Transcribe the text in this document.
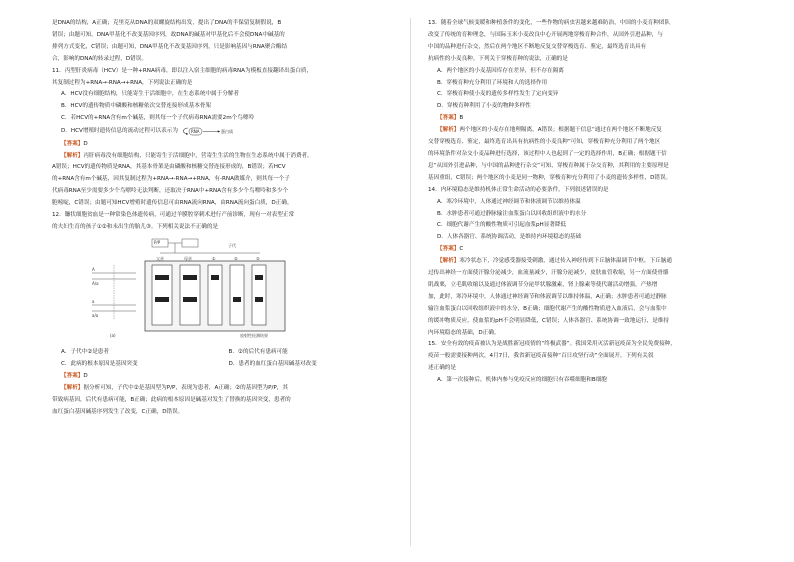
是DNA的结构，A正确；克里克从DNA的双螺旋结构出发，提出了DNA的半保留复制假说，B

错误；由题可知，DNA甲基化不改变基因序列，故DNA的碱基对甲基化后不会使DNA中碱基的

排列方式变化，C错误；由题可知，DNA甲基化不改变基因序列，只是影响基因与RNA聚合酶结

合，影响的DNA的转录过程，D错误。

11．丙型肝炎病毒（HCV）是一种+RNA病毒，即以注入宿主细胞的病毒RNA为模板直接翻译出蛋白质，

其复制过程为+RNA→-RNA→+RNA，下列说法正确的是

A．HCV没有细胞结构，只能寄生于活细胞中，在生态系统中属于分解者

B．HCV的遗传物质中磷酸和核糖依次交替连接形成基本骨架

C．若HCV的+RNA含有m个碱基，则其每一个子代病毒RNA需要2m个鸟嘌呤

D．HCV增殖时遗传信息的流动过程可以表示为	RNA	蛋白质

【答案】D

【解析】丙肝病毒没有细胞结构，只能寄生于活细胞中，营寄生生活的生物在生态系统中属于消费者，

A错误；HCV的遗传物质是RNA，其基本骨架是由磷酸和核糖交替连接形成的，B错误；若HCV

的+RNA含有m个碱基，因其复制过程为+RNA→-RNA→+RNA，有-RNA做媒介，则其每一个子

代病毒RNA至少需要多少个鸟嘌呤无法判断，还取决于RNA中+RNA含有多少个鸟嘌呤和多少个

胞嘧啶，C错误；由题可知HCV增殖时遗传信息可由RNA流向RNA，由RNA流向蛋白质，D正确。

12．镰状细胞贫血是一种常染色体遗传病，可通过羊膜腔穿刺术进行产前诊断，现有一对表型正常

的夫妇生育的孩子①②和未出生的胎儿③。下列相关说法不正确的是

P/P
子代
父亲	母亲	①	②	③
A
a
A/a
a/a
(a)	放射性检测结果
A．子代中②是患者	B．②的后代有患病可能
C．此病的根本原因是基因突变	D．患者的血红蛋白基因碱基对改变

【答案】D

【解析】据分析可知，子代中②是基因型为P/P，表现为患者，A正确；②的基因型为P/P，其

带致病基因，后代有患病可能，B正确；此病的根本原因是碱基对发生了替换的基因突变，患者的

血红蛋白基因碱基序列发生了改变，C正确，D错误。

13．随着全球气候变暖和种植条件的变化，一些作物的病虫害越来越难防治，中国的小麦育种团队

改变了传统的育种理念，与国际玉米小麦改良中心开展两地穿梭育种合作，从国外引进品种，与

中国的品种进行杂交，然后在两个地区不断地反复交替穿梭选育、鉴定，最终选育出具有

抗病性的小麦良种。下列关于穿梭育种的说法，正确的是

A．两个地区的小麦基因库存在差异，但不存在隔离

B．穿梭育种充分利用了环境和人的选择作用

C．穿梭育种使小麦的遗传多样性发生了定向变异

D．穿梭育种利用了小麦的物种多样性

【答案】B

【解析】两个地区的小麦存在地理隔离，A错误；根据题干信息“通过在两个地区不断地反复

交替穿梭选育、鉴定，最终选育出具有抗病性的小麦良种”可知，穿梭育种充分利用了两个地区

的环境条件对杂交小麦品种进行选择，该过程中人也起到了一定的选择作用，B正确；根据题干信

息“从国外引进品种，与中国的品种进行杂交”可知，穿梭育种属于杂交育种，其利用的主要原理是

基因重组，C错误；两个地区的小麦是同一物种，穿梭育种充分利用了小麦的遗传多样性，D错误。

14．内环境稳态是维持机体正常生命活动的必要条件，下列叙述错误的是

A．寒冷环境中，人体通过神经调节和体液调节以维持体温

B．水肿患者可通过静脉输注血浆蛋白以回收组织液中的水分

C．细胞代谢产生的酸性物质可引起血浆pH显著降低

D．人体各器官、系统协调活动，是维持内环境稳态的基础

【答案】C

【解析】寒冷状态下，冷觉感受器接受刺激，通过传入神经传到下丘脑体温调节中枢，下丘脑通

过传出神经一方面使汗腺分泌减少，血流量减少，汗腺分泌减少，皮肤血管收缩，另一方面使骨骼

肌战栗，立毛肌收缩以及通过体液调节分泌甲状腺激素，肾上腺素等使代谢活动增强，产热增

加，此时，寒冷环境中，人体通过神经调节和体液调节以维持体温，A正确；水肿患者可通过静脉

输注血浆蛋白以回收组织液中的水分，B正确；细胞代谢产生的酸性物质进入血液后，会与血浆中

的缓冲物质反应，使血浆的pH不会明显降低，C错误；人体各器官、系统协调一致地运行，是维持

内环境稳态的基础，D正确。

15．安全有效的疫苗被认为是战胜新冠疫情的“终极武器”。我国采用灭活新冠疫苗为全民免费接种，

疫苗一般需要接种两次，4月7日，我省新冠疫苗接种“百日攻坚行动”全面展开。下列有关叙

述正确的是

A．第一次接种后，机体内参与免疫反应的细胞只有吞噬细胞和B细胞
